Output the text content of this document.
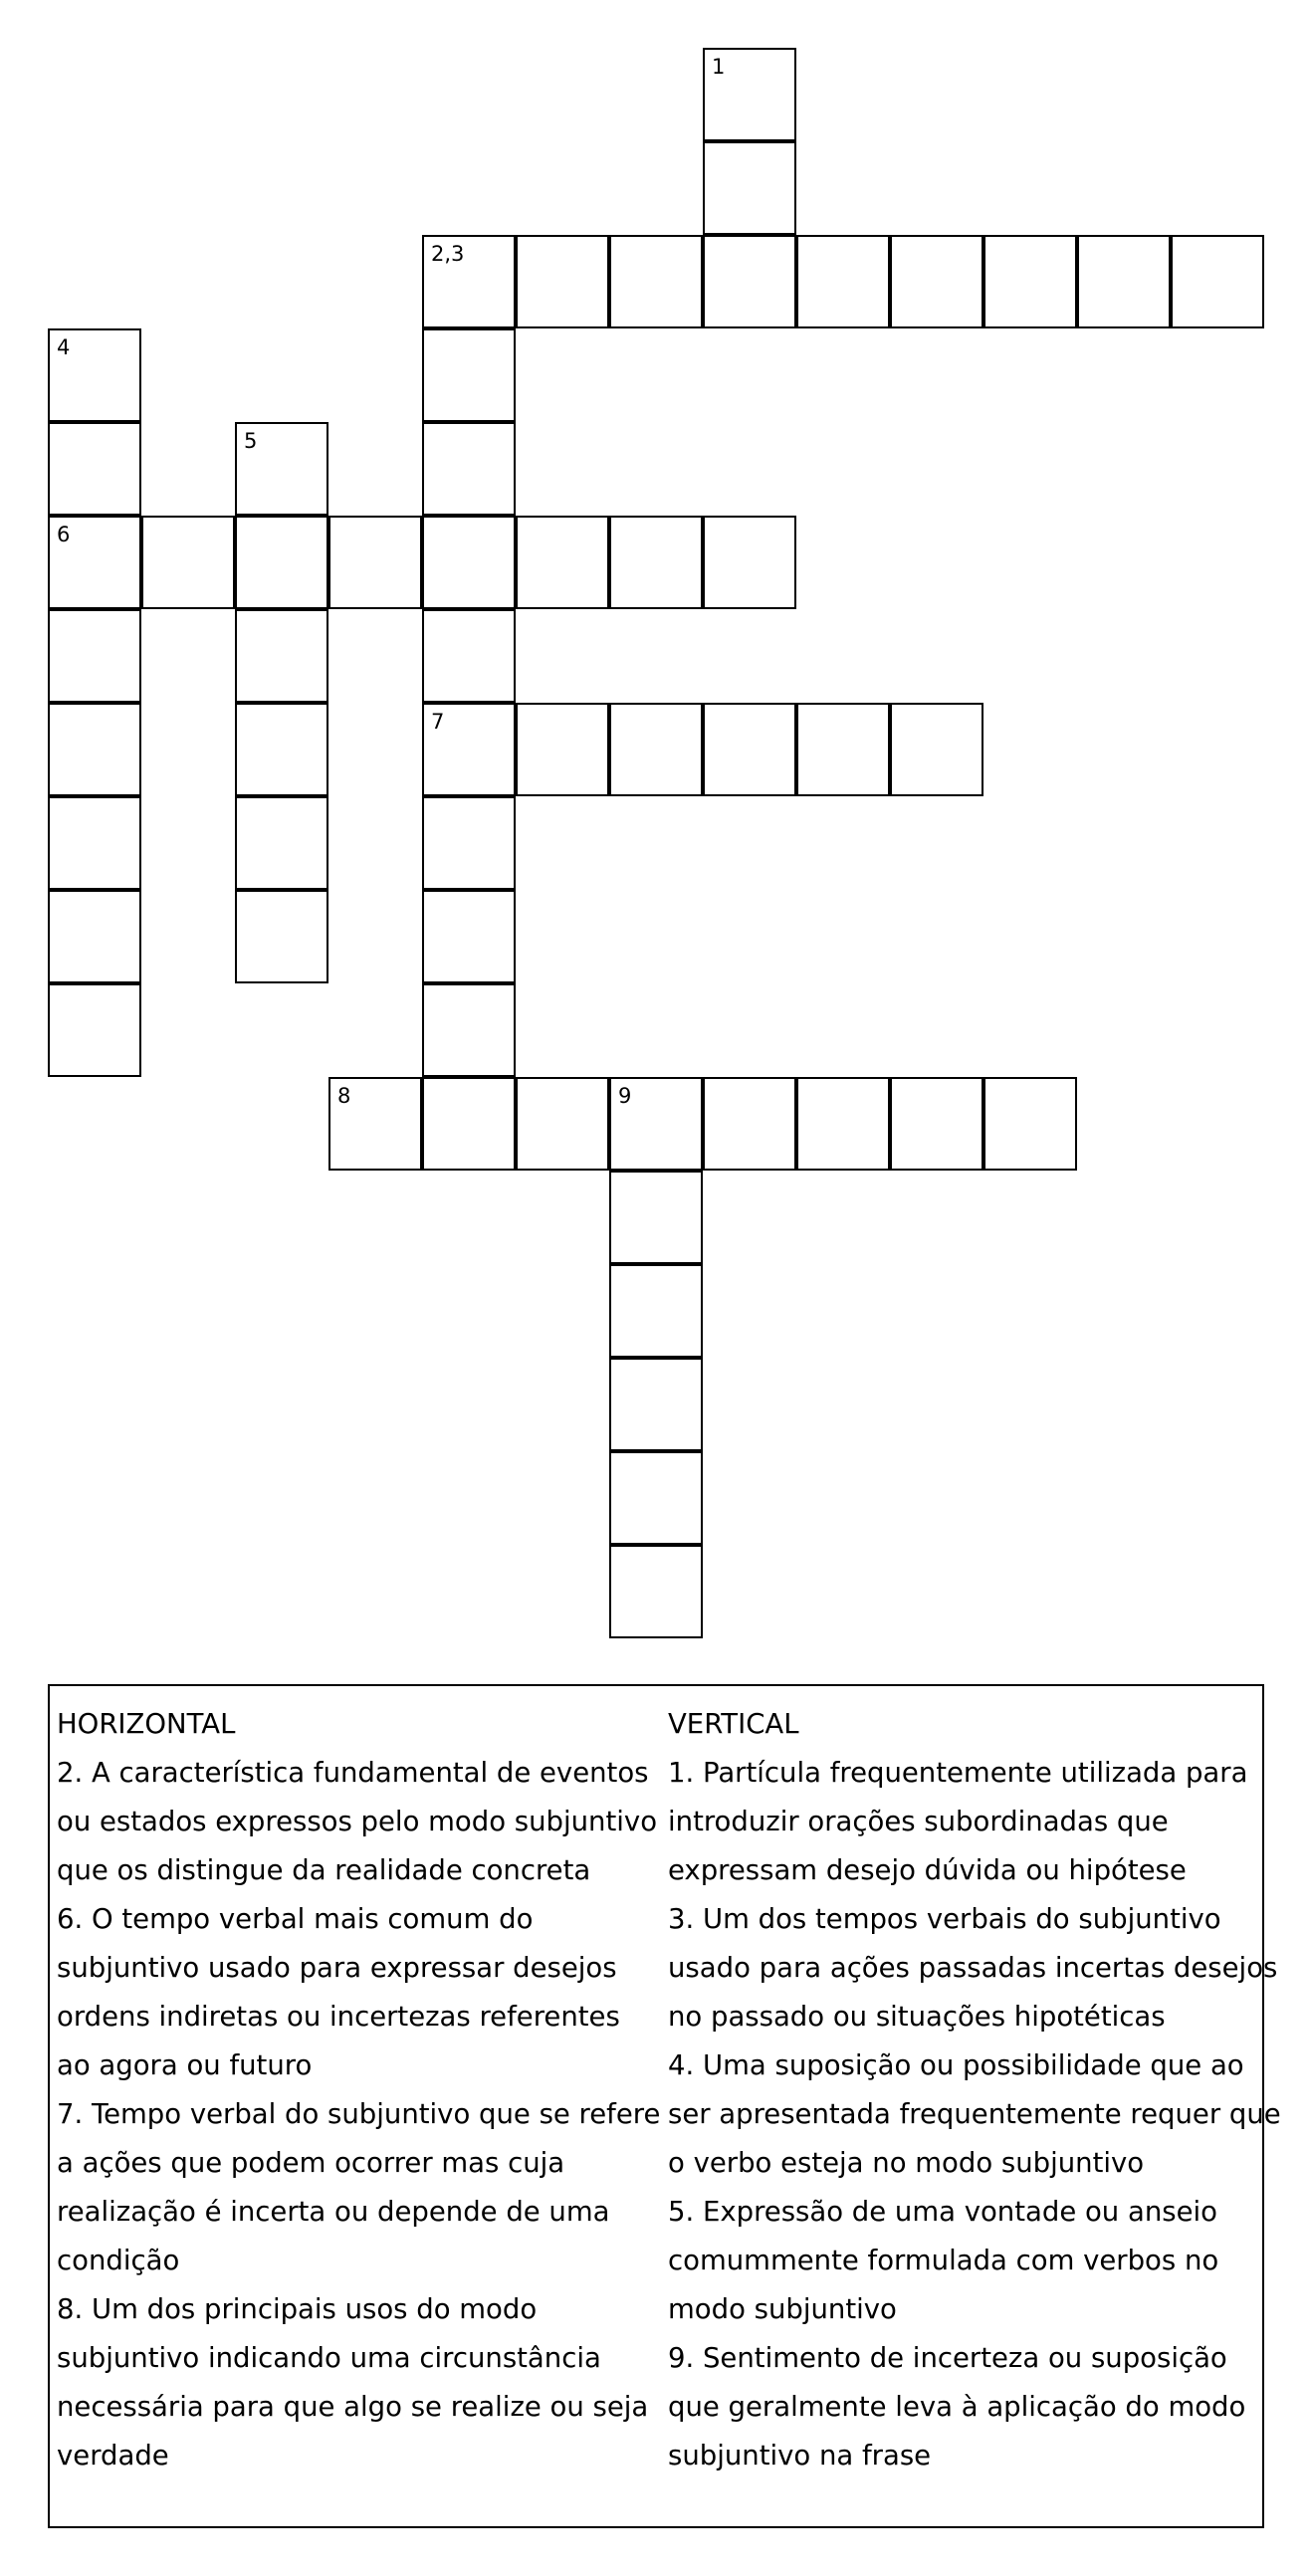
1
2,3
7
4
6
5
8	9
HORIZONTAL
2. A característica fundamental de eventos
ou estados expressos pelo modo subjuntivo
que os distingue da realidade concreta
6. O tempo verbal mais comum do
subjuntivo usado para expressar desejos
ordens indiretas ou incertezas referentes
ao agora ou futuro
7. Tempo verbal do subjuntivo que se refere
a ações que podem ocorrer mas cuja
realização é incerta ou depende de uma
condição
8. Um dos principais usos do modo
subjuntivo indicando uma circunstância
necessária para que algo se realize ou seja
verdade
VERTICAL
1. Partícula frequentemente utilizada para
introduzir orações subordinadas que
expressam desejo dúvida ou hipótese
3. Um dos tempos verbais do subjuntivo
usado para ações passadas incertas desejos
no passado ou situações hipotéticas
4. Uma suposição ou possibilidade que ao
ser apresentada frequentemente requer que
o verbo esteja no modo subjuntivo
5. Expressão de uma vontade ou anseio
comummente formulada com verbos no
modo subjuntivo
9. Sentimento de incerteza ou suposição
que geralmente leva à aplicação do modo
subjuntivo na frase
